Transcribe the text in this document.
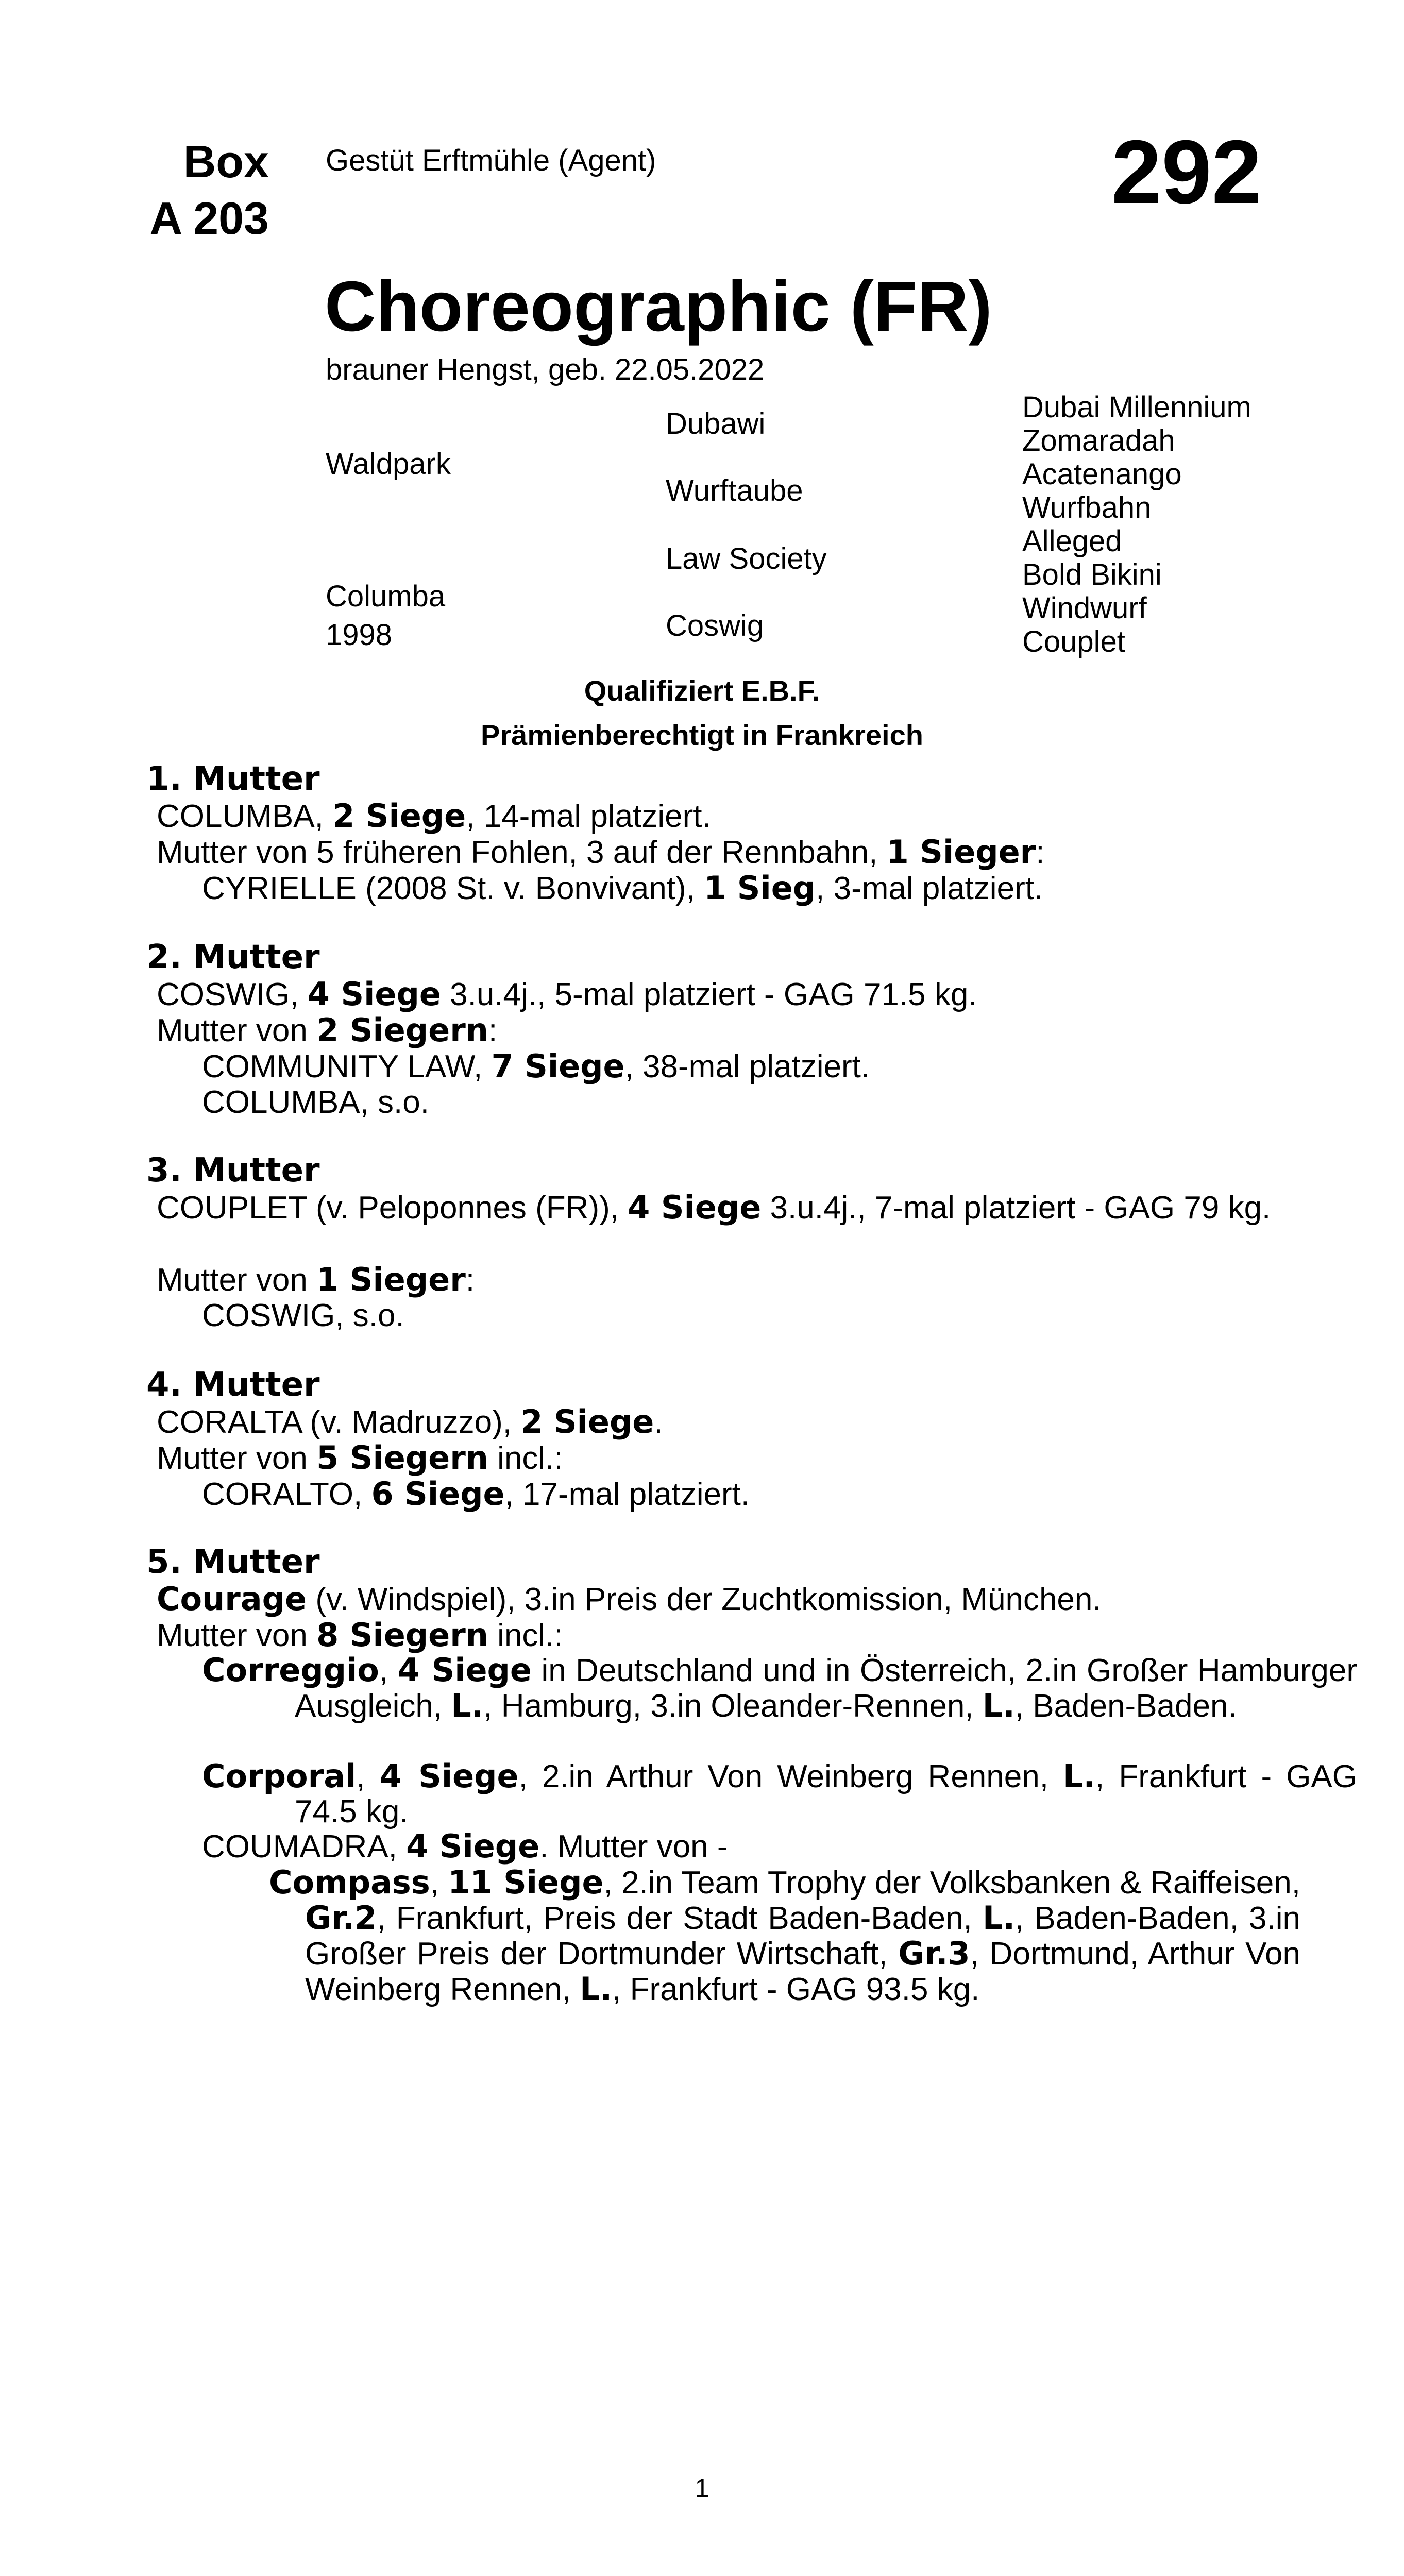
Box
A 203
Gestüt Erftmühle (Agent)	292
Choreographic (FR)
brauner Hengst, geb. 22.05.2022
Waldpark
Columba
1998
Dubawi
Wurftaube
Law Society
Coswig
Dubai Millennium
Zomaradah
Acatenango
Wurfbahn
Alleged
Bold Bikini
Windwurf
Couplet
Qualifiziert E.B.F.
Prämienberechtigt in Frankreich
1. Mutter
COLUMBA, 2 Siege, 14-mal platziert.
Mutter von 5 früheren Fohlen, 3 auf der Rennbahn, 1 Sieger:
CYRIELLE (2008 St. v. Bonvivant), 1 Sieg, 3-mal platziert.
2. Mutter
COSWIG, 4 Siege 3.u.4j., 5-mal platziert - GAG 71.5 kg.
Mutter von 2 Siegern:
COMMUNITY LAW, 7 Siege, 38-mal platziert.
COLUMBA, s.o.
3. Mutter
COUPLET (v. Peloponnes (FR)), 4 Siege 3.u.4j., 7-mal platziert - GAG 79 kg.
Mutter von 1 Sieger:
COSWIG, s.o.
4. Mutter
CORALTA (v. Madruzzo), 2 Siege.
Mutter von 5 Siegern incl.:
CORALTO, 6 Siege, 17-mal platziert.
5. Mutter
Courage (v. Windspiel), 3.in Preis der Zuchtkomission, München.
Mutter von 8 Siegern incl.:
Correggio, 4 Siege in Deutschland und in Österreich, 2.in Großer Hamburger Ausgleich, L., Hamburg, 3.in Oleander-Rennen, L., Baden-Baden.
Corporal, 4 Siege, 2.in Arthur Von Weinberg Rennen, L., Frankfurt - GAG 74.5 kg.
COUMADRA, 4 Siege. Mutter von -
Compass, 11 Siege, 2.in Team Trophy der Volksbanken & Raiffeisen, Gr.2, Frankfurt, Preis der Stadt Baden-Baden, L., Baden-Baden, 3.in Großer Preis der Dortmunder Wirtschaft, Gr.3, Dortmund, Arthur Von Weinberg Rennen, L., Frankfurt - GAG 93.5 kg.
1
